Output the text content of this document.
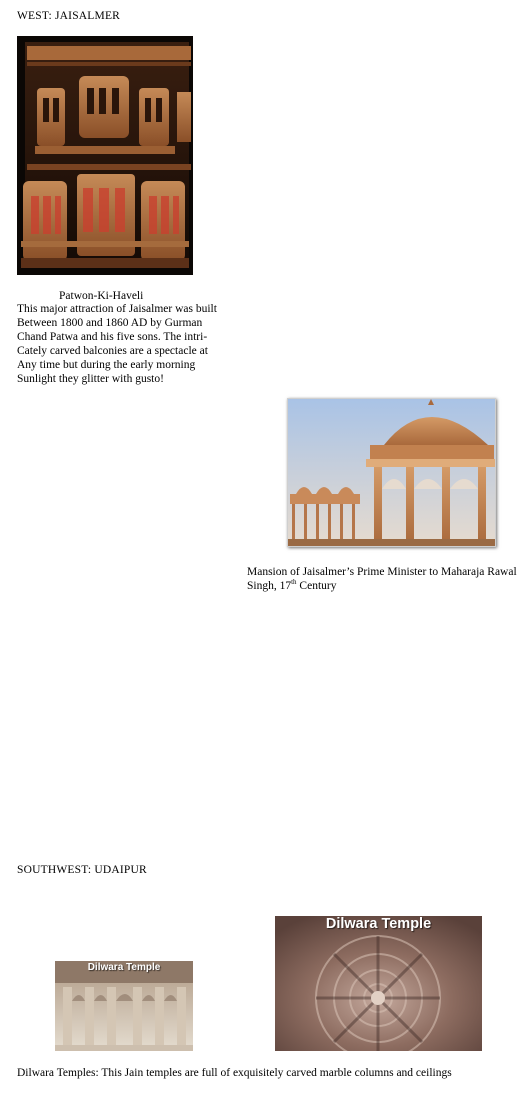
WEST: JAISALMER
Patwon-Ki-Haveli
This major attraction of Jaisalmer was built
Between 1800 and 1860 AD by Gurman
Chand Patwa and his five sons. The intri-
Cately carved balconies are a spectacle at
Any time but during the early morning
Sunlight they glitter with gusto!
Mansion of Jaisalmer’s Prime Minister to Maharaja Rawal
Singh, 17th Century
SOUTHWEST: UDAIPUR
Dilwara Temple
Dilwara Temple
Dilwara Temples: This Jain temples are full of exquisitely carved marble columns and ceilings
